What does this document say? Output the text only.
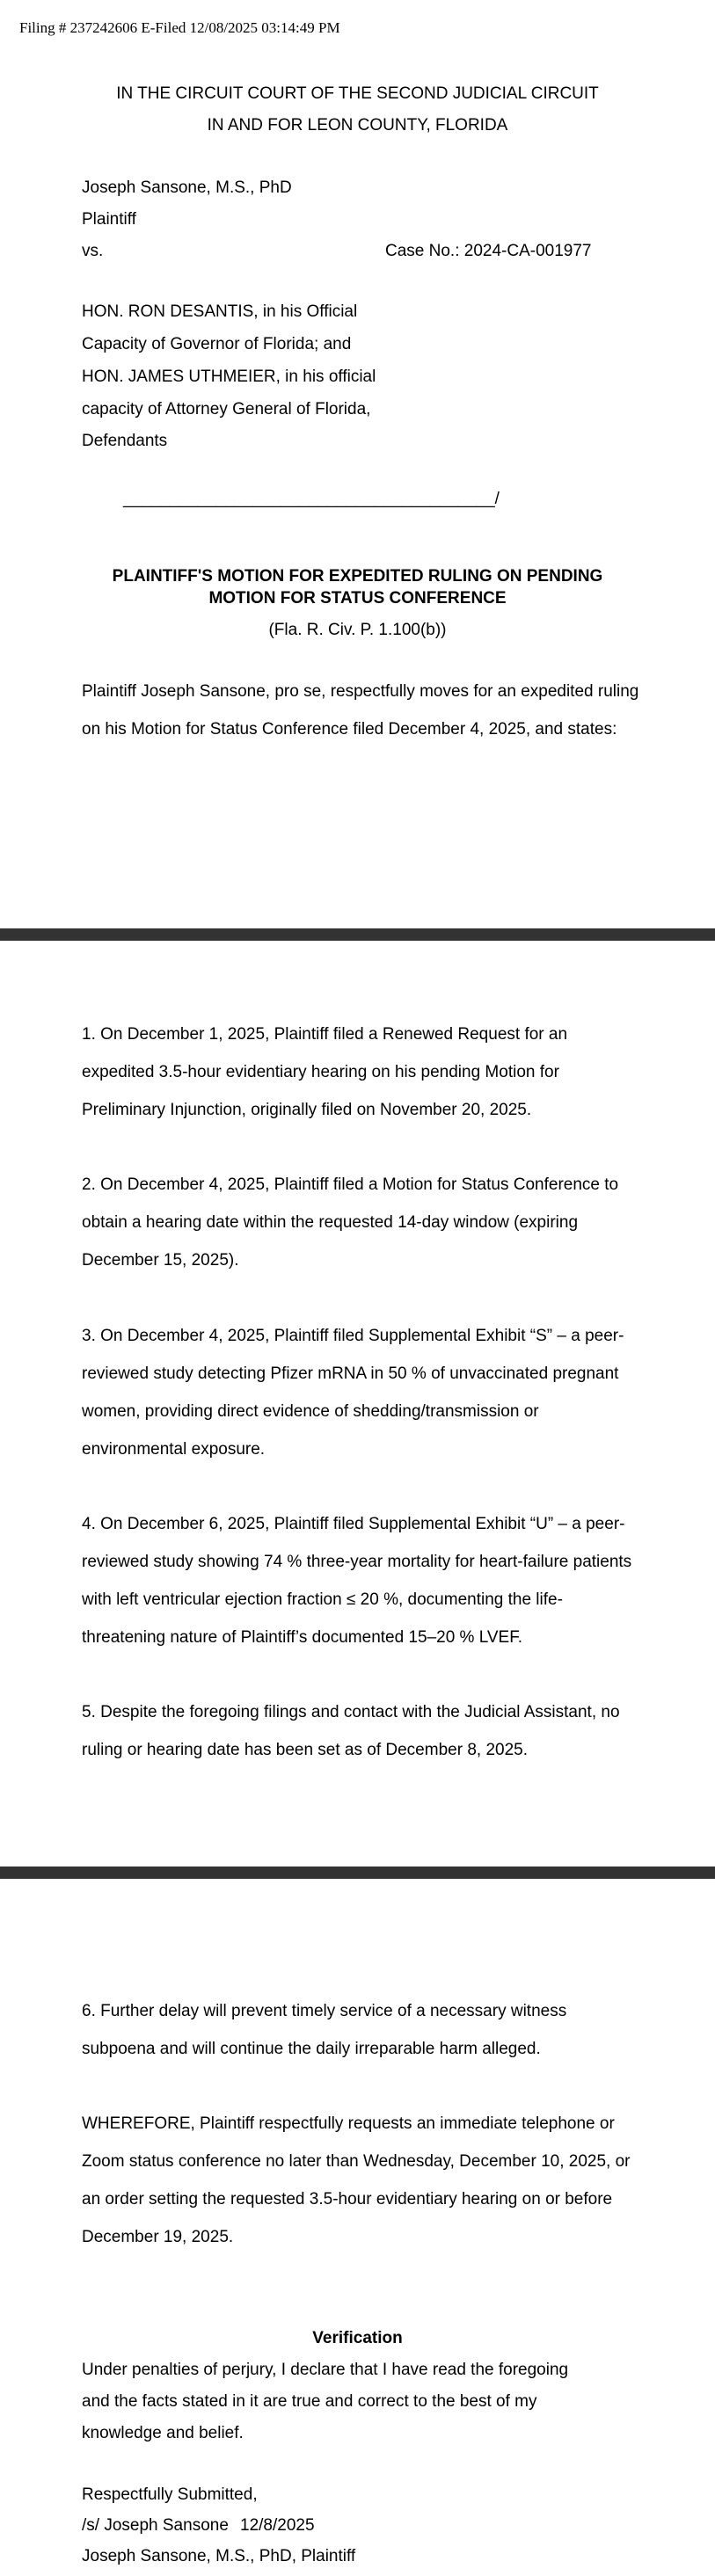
Filing # 237242606 E-Filed 12/08/2025 03:14:49 PM
IN THE CIRCUIT COURT OF THE SECOND JUDICIAL CIRCUIT
IN AND FOR LEON COUNTY, FLORIDA
Joseph Sansone, M.S., PhD
Plaintiff
vs.	Case No.: 2024-CA-001977
HON. RON DESANTIS, in his Official
Capacity of Governor of Florida; and
HON. JAMES UTHMEIER, in his official
capacity of Attorney General of Florida,
Defendants
________________________________________/
PLAINTIFF'S MOTION FOR EXPEDITED RULING ON PENDING
MOTION FOR STATUS CONFERENCE
(Fla. R. Civ. P. 1.100(b))
Plaintiff Joseph Sansone, pro se, respectfully moves for an expedited ruling
on his Motion for Status Conference filed December 4, 2025, and states:
1. On December 1, 2025, Plaintiff filed a Renewed Request for an
expedited 3.5-hour evidentiary hearing on his pending Motion for
Preliminary Injunction, originally filed on November 20, 2025.
2. On December 4, 2025, Plaintiff filed a Motion for Status Conference to
obtain a hearing date within the requested 14-day window (expiring
December 15, 2025).
3. On December 4, 2025, Plaintiff filed Supplemental Exhibit “S” – a peer-
reviewed study detecting Pfizer mRNA in 50 % of unvaccinated pregnant
women, providing direct evidence of shedding/transmission or
environmental exposure.
4. On December 6, 2025, Plaintiff filed Supplemental Exhibit “U” – a peer-
reviewed study showing 74 % three-year mortality for heart-failure patients
with left ventricular ejection fraction ≤ 20 %, documenting the life-
threatening nature of Plaintiff’s documented 15–20 % LVEF.
5. Despite the foregoing filings and contact with the Judicial Assistant, no
ruling or hearing date has been set as of December 8, 2025.
6. Further delay will prevent timely service of a necessary witness
subpoena and will continue the daily irreparable harm alleged.
WHEREFORE, Plaintiff respectfully requests an immediate telephone or
Zoom status conference no later than Wednesday, December 10, 2025, or
an order setting the requested 3.5-hour evidentiary hearing on or before
December 19, 2025.
Verification
Under penalties of perjury, I declare that I have read the foregoing
and the facts stated in it are true and correct to the best of my
knowledge and belief.
Respectfully Submitted,
/s/ Joseph Sansone 12/8/2025
Joseph Sansone, M.S., PhD, Plaintiff
